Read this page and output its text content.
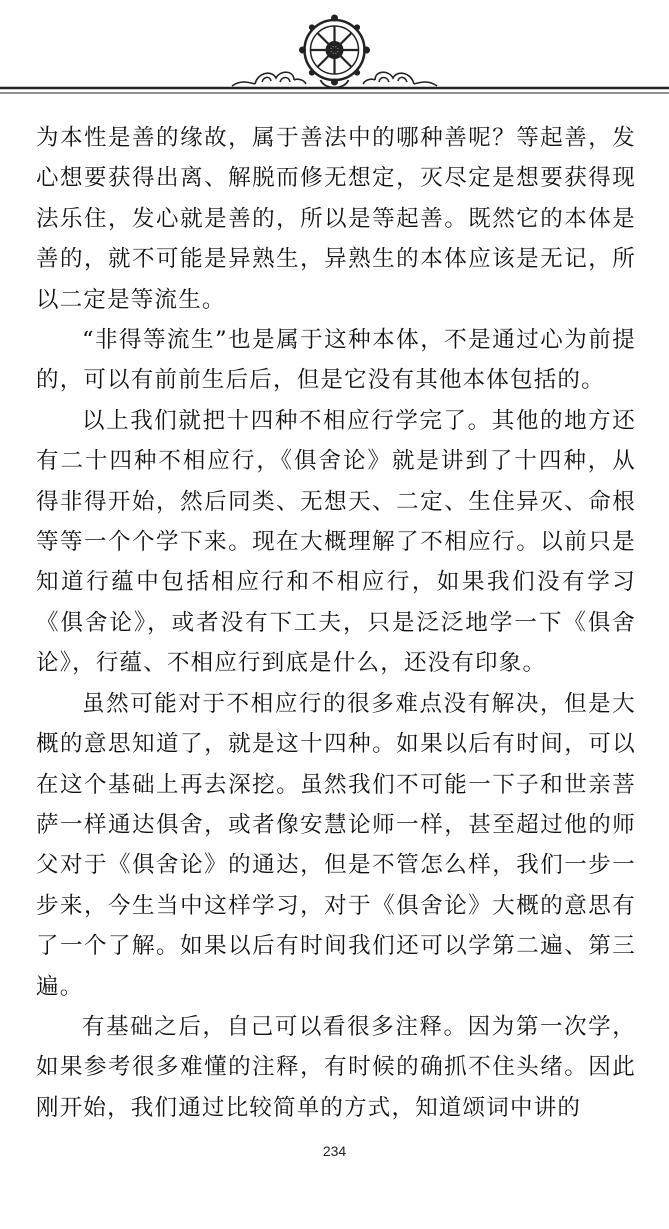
为本性是善的缘故，属于善法中的哪种善呢？等起善，发心想要获得出离、解脱而修无想定，灭尽定是想要获得现法乐住，发心就是善的，所以是等起善。既然它的本体是善的，就不可能是异熟生，异熟生的本体应该是无记，所以二定是等流生。

“非得等流生”也是属于这种本体，不是通过心为前提的，可以有前前生后后，但是它没有其他本体包括的。

以上我们就把十四种不相应行学完了。其他的地方还有二十四种不相应行，《俱舍论》就是讲到了十四种，从得非得开始，然后同类、无想天、二定、生住异灭、命根等等一个个学下来。现在大概理解了不相应行。以前只是知道行蕴中包括相应行和不相应行，如果我们没有学习《俱舍论》，或者没有下工夫，只是泛泛地学一下《俱舍论》，行蕴、不相应行到底是什么，还没有印象。

虽然可能对于不相应行的很多难点没有解决，但是大概的意思知道了，就是这十四种。如果以后有时间，可以在这个基础上再去深挖。虽然我们不可能一下子和世亲菩萨一样通达俱舍，或者像安慧论师一样，甚至超过他的师父对于《俱舍论》的通达，但是不管怎么样，我们一步一步来，今生当中这样学习，对于《俱舍论》大概的意思有了一个了解。如果以后有时间我们还可以学第二遍、第三遍。

有基础之后，自己可以看很多注释。因为第一次学，如果参考很多难懂的注释，有时候的确抓不住头绪。因此刚开始，我们通过比较简单的方式，知道颂词中讲的

234
